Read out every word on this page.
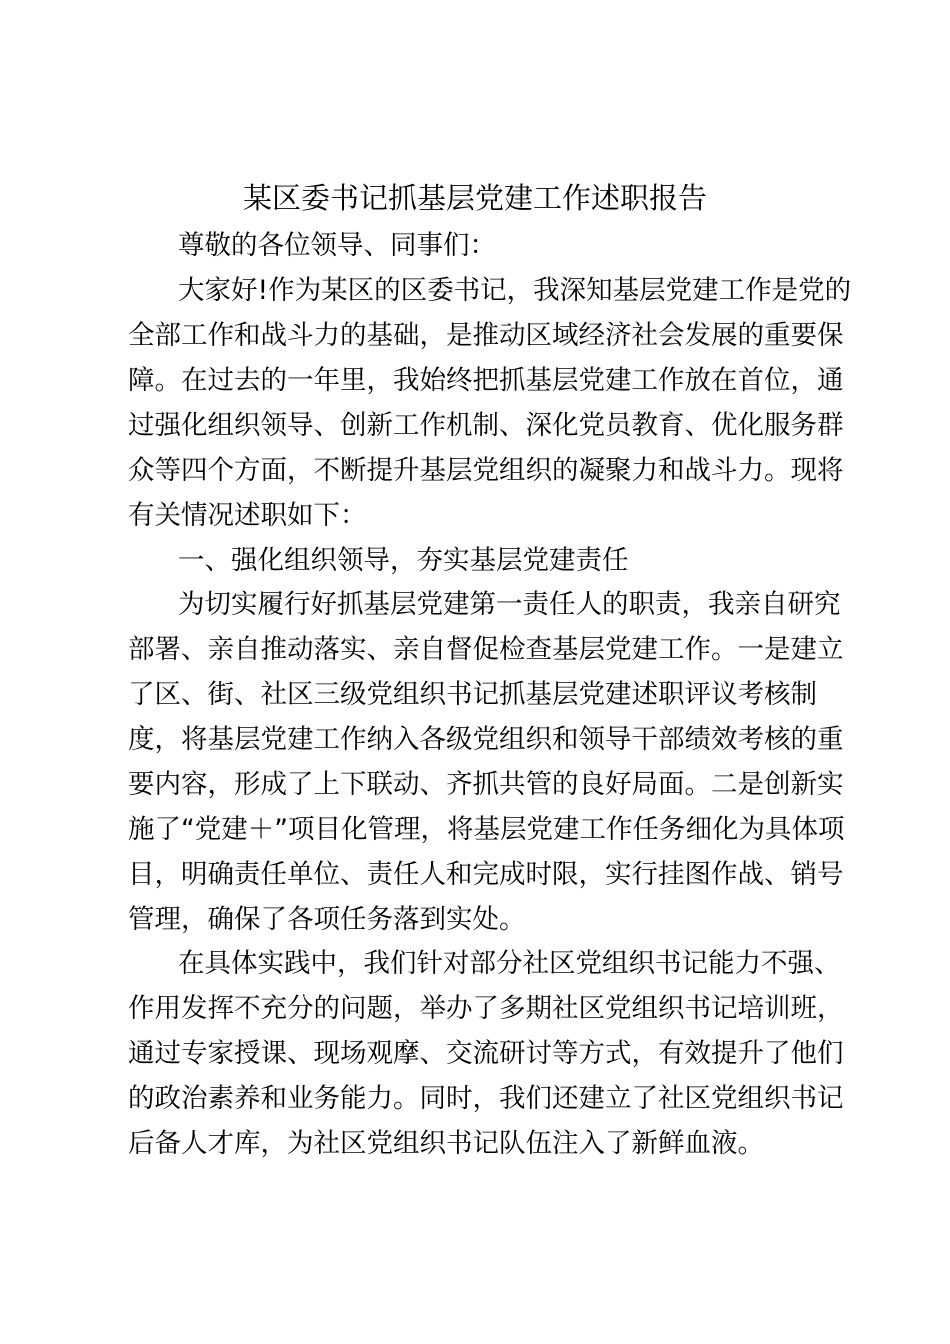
某区委书记抓基层党建工作述职报告
尊敬的各位领导、同事们：
大家好!作为某区的区委书记，我深知基层党建工作是党的
全部工作和战斗力的基础，是推动区域经济社会发展的重要保
障。在过去的一年里，我始终把抓基层党建工作放在首位，通
过强化组织领导、创新工作机制、深化党员教育、优化服务群
众等四个方面，不断提升基层党组织的凝聚力和战斗力。现将
有关情况述职如下：
一、强化组织领导，夯实基层党建责任
为切实履行好抓基层党建第一责任人的职责，我亲自研究
部署、亲自推动落实、亲自督促检查基层党建工作。一是建立
了区、街、社区三级党组织书记抓基层党建述职评议考核制
度，将基层党建工作纳入各级党组织和领导干部绩效考核的重
要内容，形成了上下联动、齐抓共管的良好局面。二是创新实
施了“党建＋”项目化管理，将基层党建工作任务细化为具体项
目，明确责任单位、责任人和完成时限，实行挂图作战、销号
管理，确保了各项任务落到实处。
在具体实践中，我们针对部分社区党组织书记能力不强、
作用发挥不充分的问题，举办了多期社区党组织书记培训班，
通过专家授课、现场观摩、交流研讨等方式，有效提升了他们
的政治素养和业务能力。同时，我们还建立了社区党组织书记
后备人才库，为社区党组织书记队伍注入了新鲜血液。
